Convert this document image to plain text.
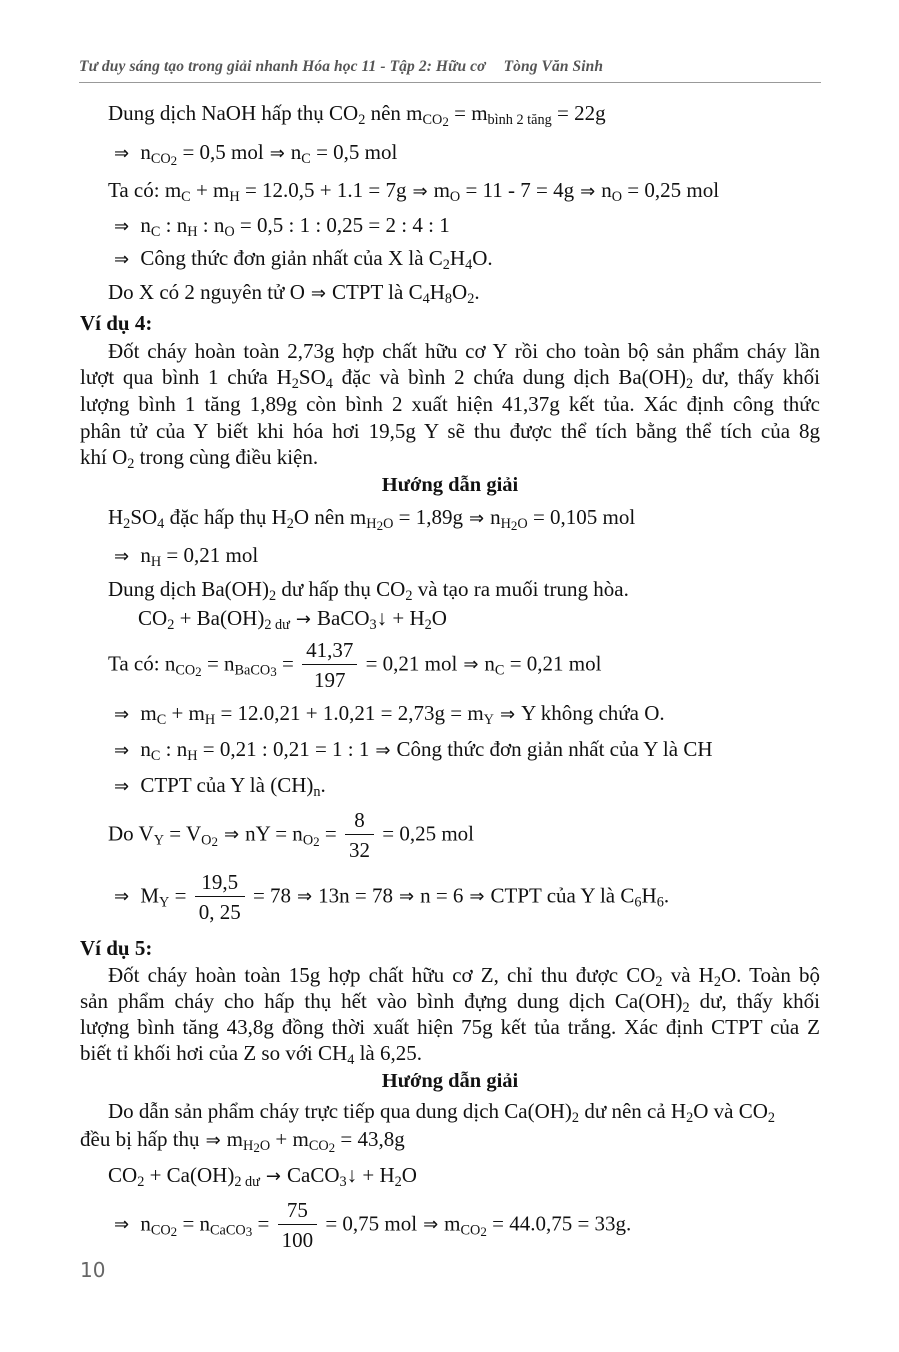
Tư duy sáng tạo trong giải nhanh Hóa học 11 - Tập 2: Hữu cơ Tòng Văn Sinh
Dung dịch NaOH hấp thụ $CO_2$ nên $m_{CO2} = m_{bình 2 tăng} = 22g$
⇒ $n_{CO2} = 0,5$ mol ⇒ $n_C = 0,5$ mol
Ta có: $m_C + m_H = 12.0,5 + 1.1 = 7g$ ⇒ $m_O = 11 - 7 = 4g$ ⇒ $n_O = 0,25$ mol
⇒ $n_C$ : $n_H$ : $n_O = 0,5$ : 1 : 0,25 = 2 : 4 : 1
⇒ Công thức đơn giản nhất của X là $C_2H_4O$.
Do X có 2 nguyên tử O ⇒ CTPT là $C_4H_8O_2$.
Ví dụ 4:
Đốt cháy hoàn toàn 2,73g hợp chất hữu cơ Y rồi cho toàn bộ sản phẩm cháy lần
lượt qua bình 1 chứa $H_2SO_4$ đặc và bình 2 chứa dung dịch $Ba(OH)_2$ dư, thấy khối
lượng bình 1 tăng 1,89g còn bình 2 xuất hiện 41,37g kết tủa. Xác định công thức
phân tử của Y biết khi hóa hơi 19,5g Y sẽ thu được thể tích bằng thể tích của 8g
khí $O_2$ trong cùng điều kiện.
Hướng dẫn giải
$H_2SO_4$ đặc hấp thụ $H_2O$ nên $m_{H2O} = 1,89g$ ⇒ $n_{H2O} = 0,105$ mol
⇒ $n_H = 0,21$ mol
Dung dịch $Ba(OH)_2$ dư hấp thụ $CO_2$ và tạo ra muối trung hòa.
$CO_2 + Ba(OH)_{2 dư}$ → BaCO$_3$↓ + $H_2O$
Ta có: $n_{CO2} = n_{BaCO3} = \frac{41,37}{197} = 0,21$ mol ⇒ $n_C = 0,21$ mol
⇒ $m_C + m_H = 12.0,21 + 1.0,21 = 2,73g = m_Y$ ⇒ Y không chứa O.
⇒ $n_C$ : $n_H = 0,21$ : 0,21 = 1 : 1 ⇒ Công thức đơn giản nhất của Y là CH
⇒ CTPT của Y là $(CH)_n$.
Do $V_Y = V_{O2}$ ⇒ nY = $n_{O2} = \frac{8}{32} = 0,25$ mol
⇒ $M_Y = \frac{19,5}{0, 25} = 78$ ⇒ 13n = 78 ⇒ n = 6 ⇒ CTPT của Y là $C_6H_6$.
Ví dụ 5:
Đốt cháy hoàn toàn 15g hợp chất hữu cơ Z, chỉ thu được $CO_2$ và $H_2O$. Toàn bộ
sản phẩm cháy cho hấp thụ hết vào bình đựng dung dịch $Ca(OH)_2$ dư, thấy khối
lượng bình tăng 43,8g đồng thời xuất hiện 75g kết tủa trắng. Xác định CTPT của Z
biết tỉ khối hơi của Z so với $CH_4$ là 6,25.
Hướng dẫn giải
Do dẫn sản phẩm cháy trực tiếp qua dung dịch $Ca(OH)_2$ dư nên cả $H_2O$ và $CO_2$
đều bị hấp thụ ⇒ $m_{H2O} + m_{CO2} = 43,8g$
$CO_2 + Ca(OH)_{2 dư}$ → CaCO$_3$↓ + $H_2O$
⇒ $n_{CO2} = n_{CaCO3} = \frac{75}{100} = 0,75$ mol ⇒ $m_{CO2} = 44.0,75 = 33g$.
10
